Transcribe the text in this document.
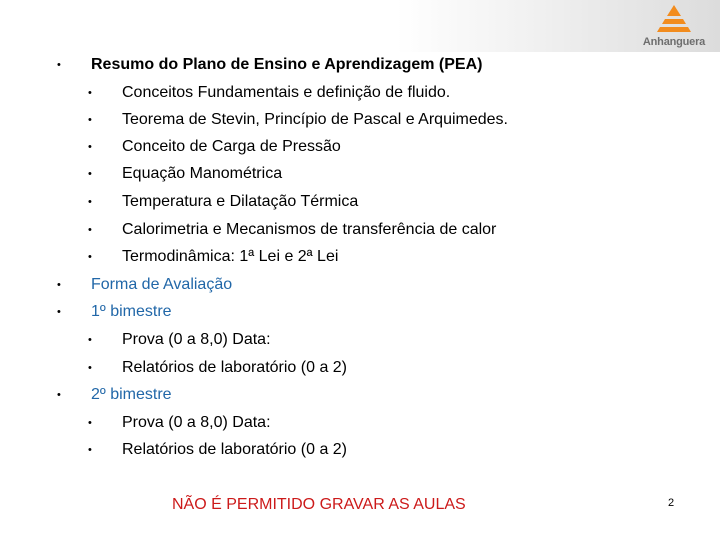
Anhanguera
• Resumo do Plano de Ensino e Aprendizagem (PEA)
• Conceitos Fundamentais e definição de fluido.
• Teorema de Stevin, Princípio de Pascal e Arquimedes.
• Conceito de Carga de Pressão
• Equação Manométrica
• Temperatura e Dilatação Térmica
• Calorimetria e Mecanismos de transferência de calor
• Termodinâmica: 1ª Lei e 2ª Lei
• Forma de Avaliação
• 1º bimestre
• Prova (0 a 8,0) Data:
• Relatórios de laboratório (0 a 2)
• 2º bimestre
• Prova (0 a 8,0) Data:
• Relatórios de laboratório (0 a 2)
NÃO É PERMITIDO GRAVAR AS AULAS	2
